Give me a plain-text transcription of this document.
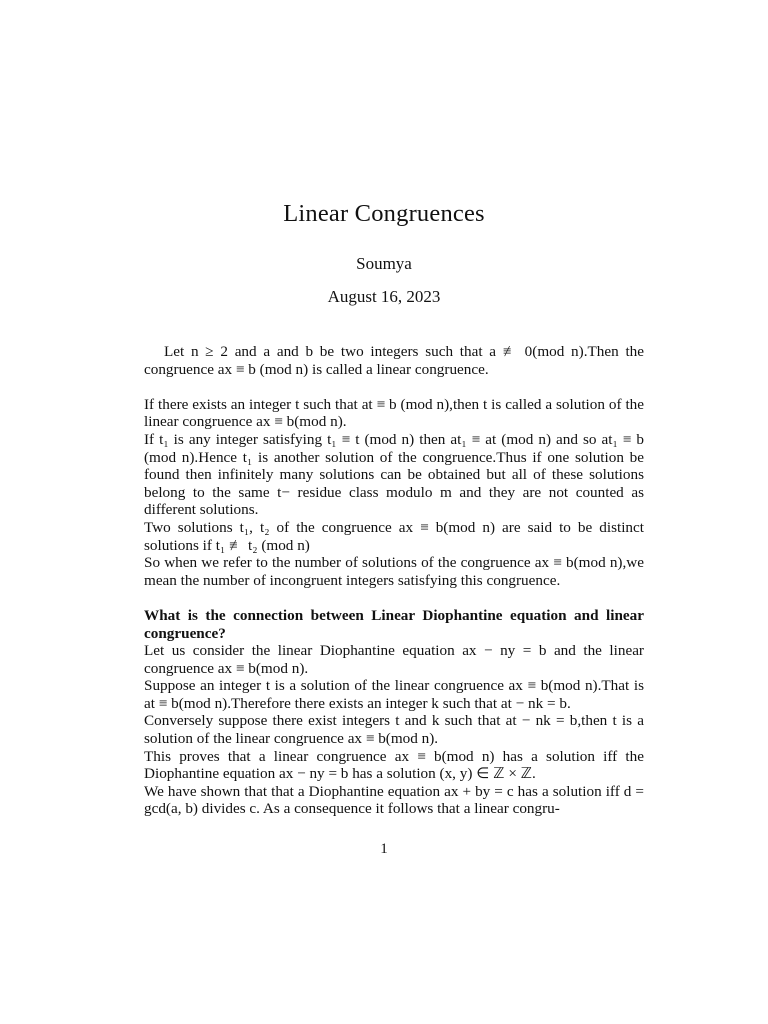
Linear Congruences
Soumya
August 16, 2023

Let n ≥ 2 and a and b be two integers such that a ≢ 0(mod n).Then the congruence ax ≡ b (mod n) is called a linear congruence.

If there exists an integer t such that at ≡ b (mod n),then t is called a solution of the linear congruence ax ≡ b(mod n).

If t₁ is any integer satisfying t₁ ≡ t (mod n) then at₁ ≡ at (mod n) and so at₁ ≡ b (mod n).Hence t₁ is another solution of the congruence.Thus if one solution be found then infinitely many solutions can be obtained but all of these solutions belong to the same t− residue class modulo m and they are not counted as different solutions.

Two solutions t₁, t₂ of the congruence ax ≡ b(mod n) are said to be distinct solutions if t₁ ≢ t₂ (mod n)

So when we refer to the number of solutions of the congruence ax ≡ b(mod n),we mean the number of incongruent integers satisfying this congruence.

What is the connection between Linear Diophantine equation and linear congruence?

Let us consider the linear Diophantine equation ax − ny = b and the linear congruence ax ≡ b(mod n).

Suppose an integer t is a solution of the linear congruence ax ≡ b(mod n).That is at ≡ b(mod n).Therefore there exists an integer k such that at − nk = b.

Conversely suppose there exist integers t and k such that at − nk = b,then t is a solution of the linear congruence ax ≡ b(mod n).

This proves that a linear congruence ax ≡ b(mod n) has a solution iff the Diophantine equation ax − ny = b has a solution (x, y) ∈ ℤ × ℤ.

We have shown that that a Diophantine equation ax + by = c has a solution iff d = gcd(a, b) divides c. As a consequence it follows that a linear congru-

1
